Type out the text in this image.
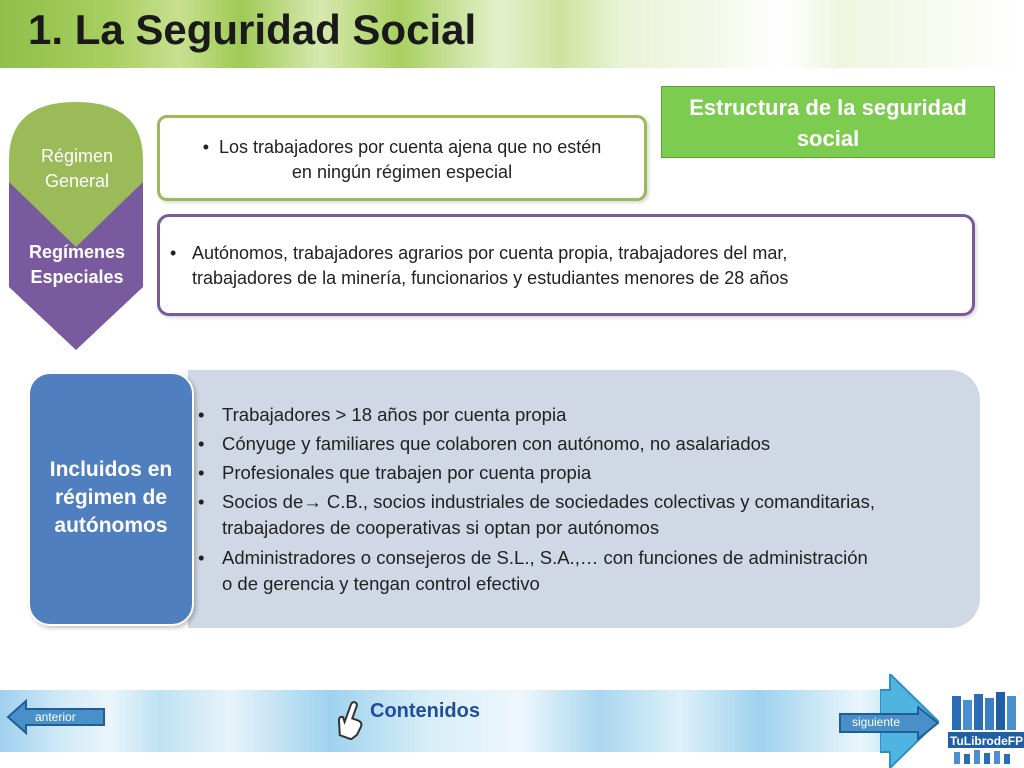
1. La Seguridad Social
Estructura de la seguridad
social
Régimen
General
Regímenes
Especiales
• Los trabajadores por cuenta ajena que no estén
en ningún régimen especial
• Autónomos, trabajadores agrarios por cuenta propia, trabajadores del mar,
trabajadores de la minería, funcionarios y estudiantes menores de 28 años
• Trabajadores > 18 años por cuenta propia
• Cónyuge y familiares que colaboren con autónomo, no asalariados
• Profesionales que trabajen por cuenta propia
• Socios de→ C.B., socios industriales de sociedades colectivas y comanditarias,
trabajadores de cooperativas si optan por autónomos
• Administradores o consejeros de S.L., S.A.,… con funciones de administración
o de gerencia y tengan control efectivo
Incluidos en
régimen de
autónomos
anterior	siguiente
Contenidos
TuLibrodeFP
